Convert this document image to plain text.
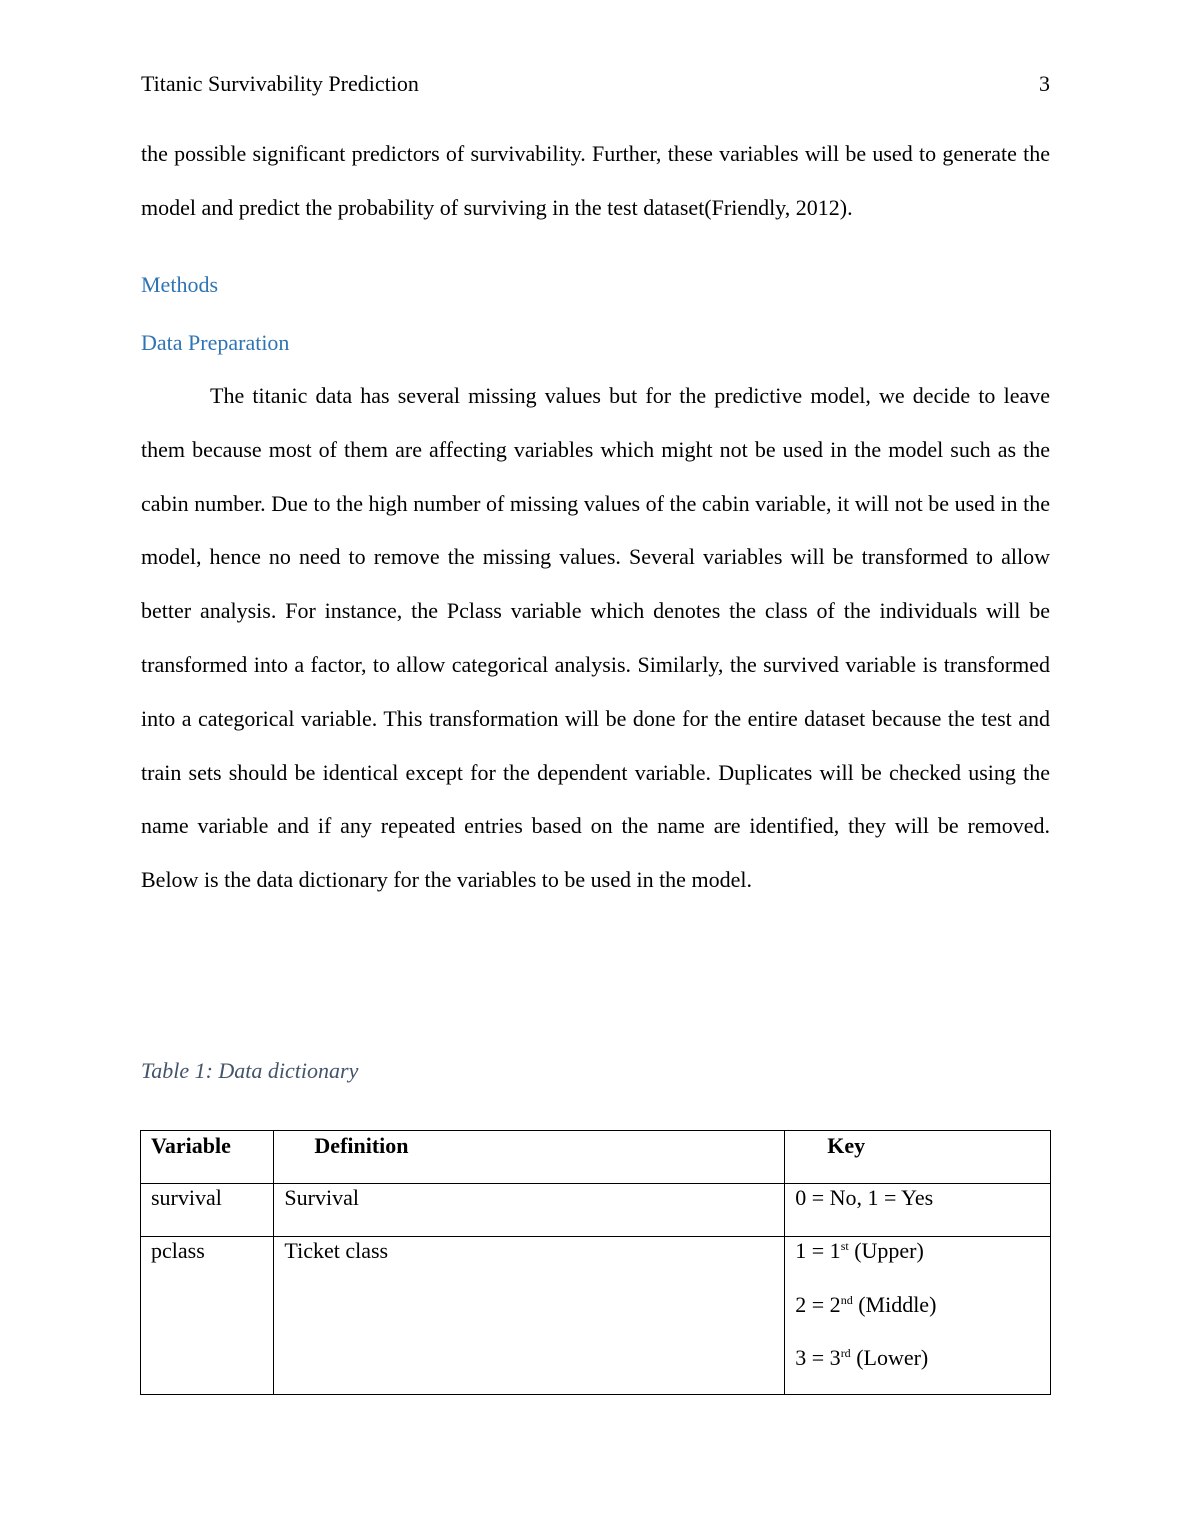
Titanic Survivability Prediction	3

the possible significant predictors of survivability. Further, these variables will be used to generate the model and predict the probability of surviving in the test dataset(Friendly, 2012).

Methods
Data Preparation

The titanic data has several missing values but for the predictive model, we decide to leave them because most of them are affecting variables which might not be used in the model such as the cabin number. Due to the high number of missing values of the cabin variable, it will not be used in the model, hence no need to remove the missing values. Several variables will be transformed to allow better analysis. For instance, the Pclass variable which denotes the class of the individuals will be transformed into a factor, to allow categorical analysis. Similarly, the survived variable is transformed into a categorical variable. This transformation will be done for the entire dataset because the test and train sets should be identical except for the dependent variable. Duplicates will be checked using the name variable and if any repeated entries based on the name are identified, they will be removed. Below is the data dictionary for the variables to be used in the model.

Table 1: Data dictionary

Variable	Definition	Key
survival	Survival	0 = No, 1 = Yes

pclass	Ticket class	1 = 1st (Upper)
2 = 2nd (Middle)
3 = 3rd (Lower)
